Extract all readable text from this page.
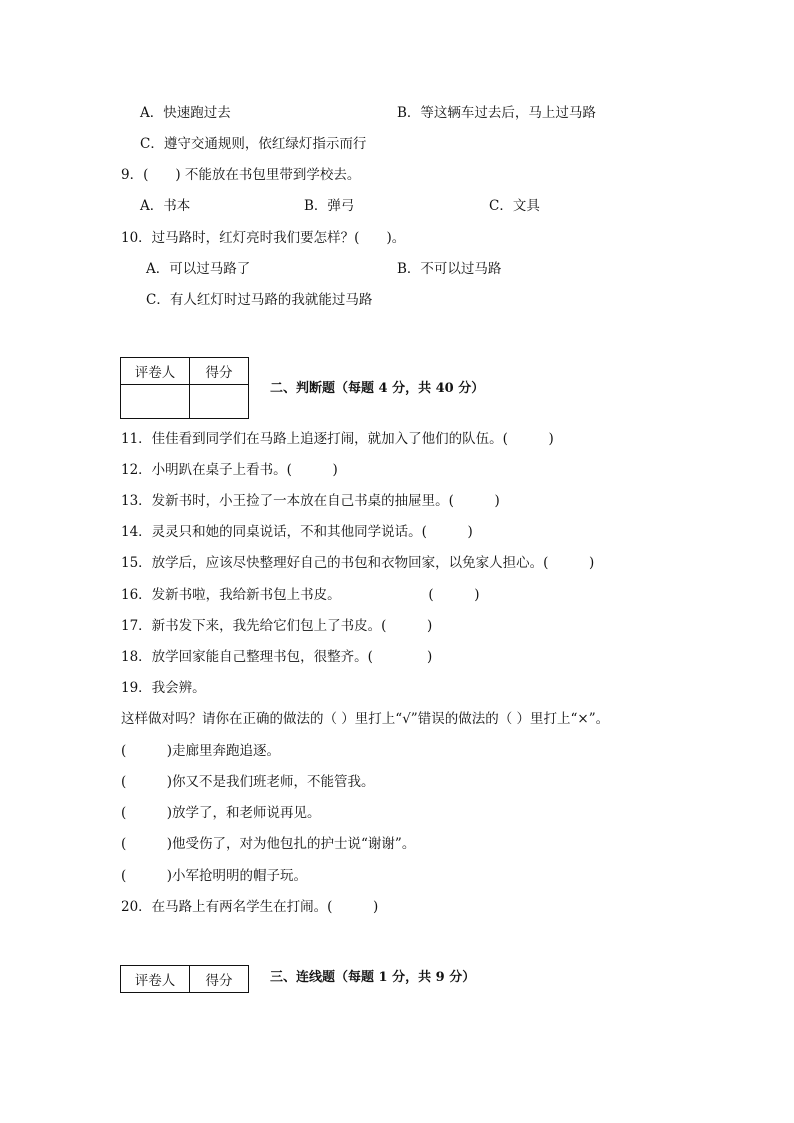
A．快速跑过去	B．等这辆车过去后，马上过马路
C．遵守交通规则，依红绿灯指示而行
9．(　　) 不能放在书包里带到学校去。
A．书本	B．弹弓	C．文具
10．过马路时，红灯亮时我们要怎样？(　　)。
A．可以过马路了	B．不可以过马路
C．有人红灯时过马路的我就能过马路
评卷人	得分

二、判断题（每题 4 分，共 40 分）
11．佳佳看到同学们在马路上追逐打闹，就加入了他们的队伍。(　　　)
12．小明趴在桌子上看书。(　　　)
13．发新书时，小王捡了一本放在自己书桌的抽屉里。(　　　)
14．灵灵只和她的同桌说话，不和其他同学说话。(　　　)
15．放学后，应该尽快整理好自己的书包和衣物回家，以免家人担心。(　　　)
16．发新书啦，我给新书包上书皮。　　　　　　　(　　　)
17．新书发下来，我先给它们包上了书皮。(　　　)
18．放学回家能自己整理书包，很整齐。(　　　　)
19．我会辨。
这样做对吗？请你在正确的做法的（ ）里打上“√”错误的做法的（ ）里打上“×”。
(　　　)走廊里奔跑追逐。
(　　　)你又不是我们班老师，不能管我。
(　　　)放学了，和老师说再见。
(　　　)他受伤了，对为他包扎的护士说“谢谢”。
(　　　)小军抢明明的帽子玩。
20．在马路上有两名学生在打闹。(　　　)
评卷人	得分	三、连线题（每题 1 分，共 9 分）
